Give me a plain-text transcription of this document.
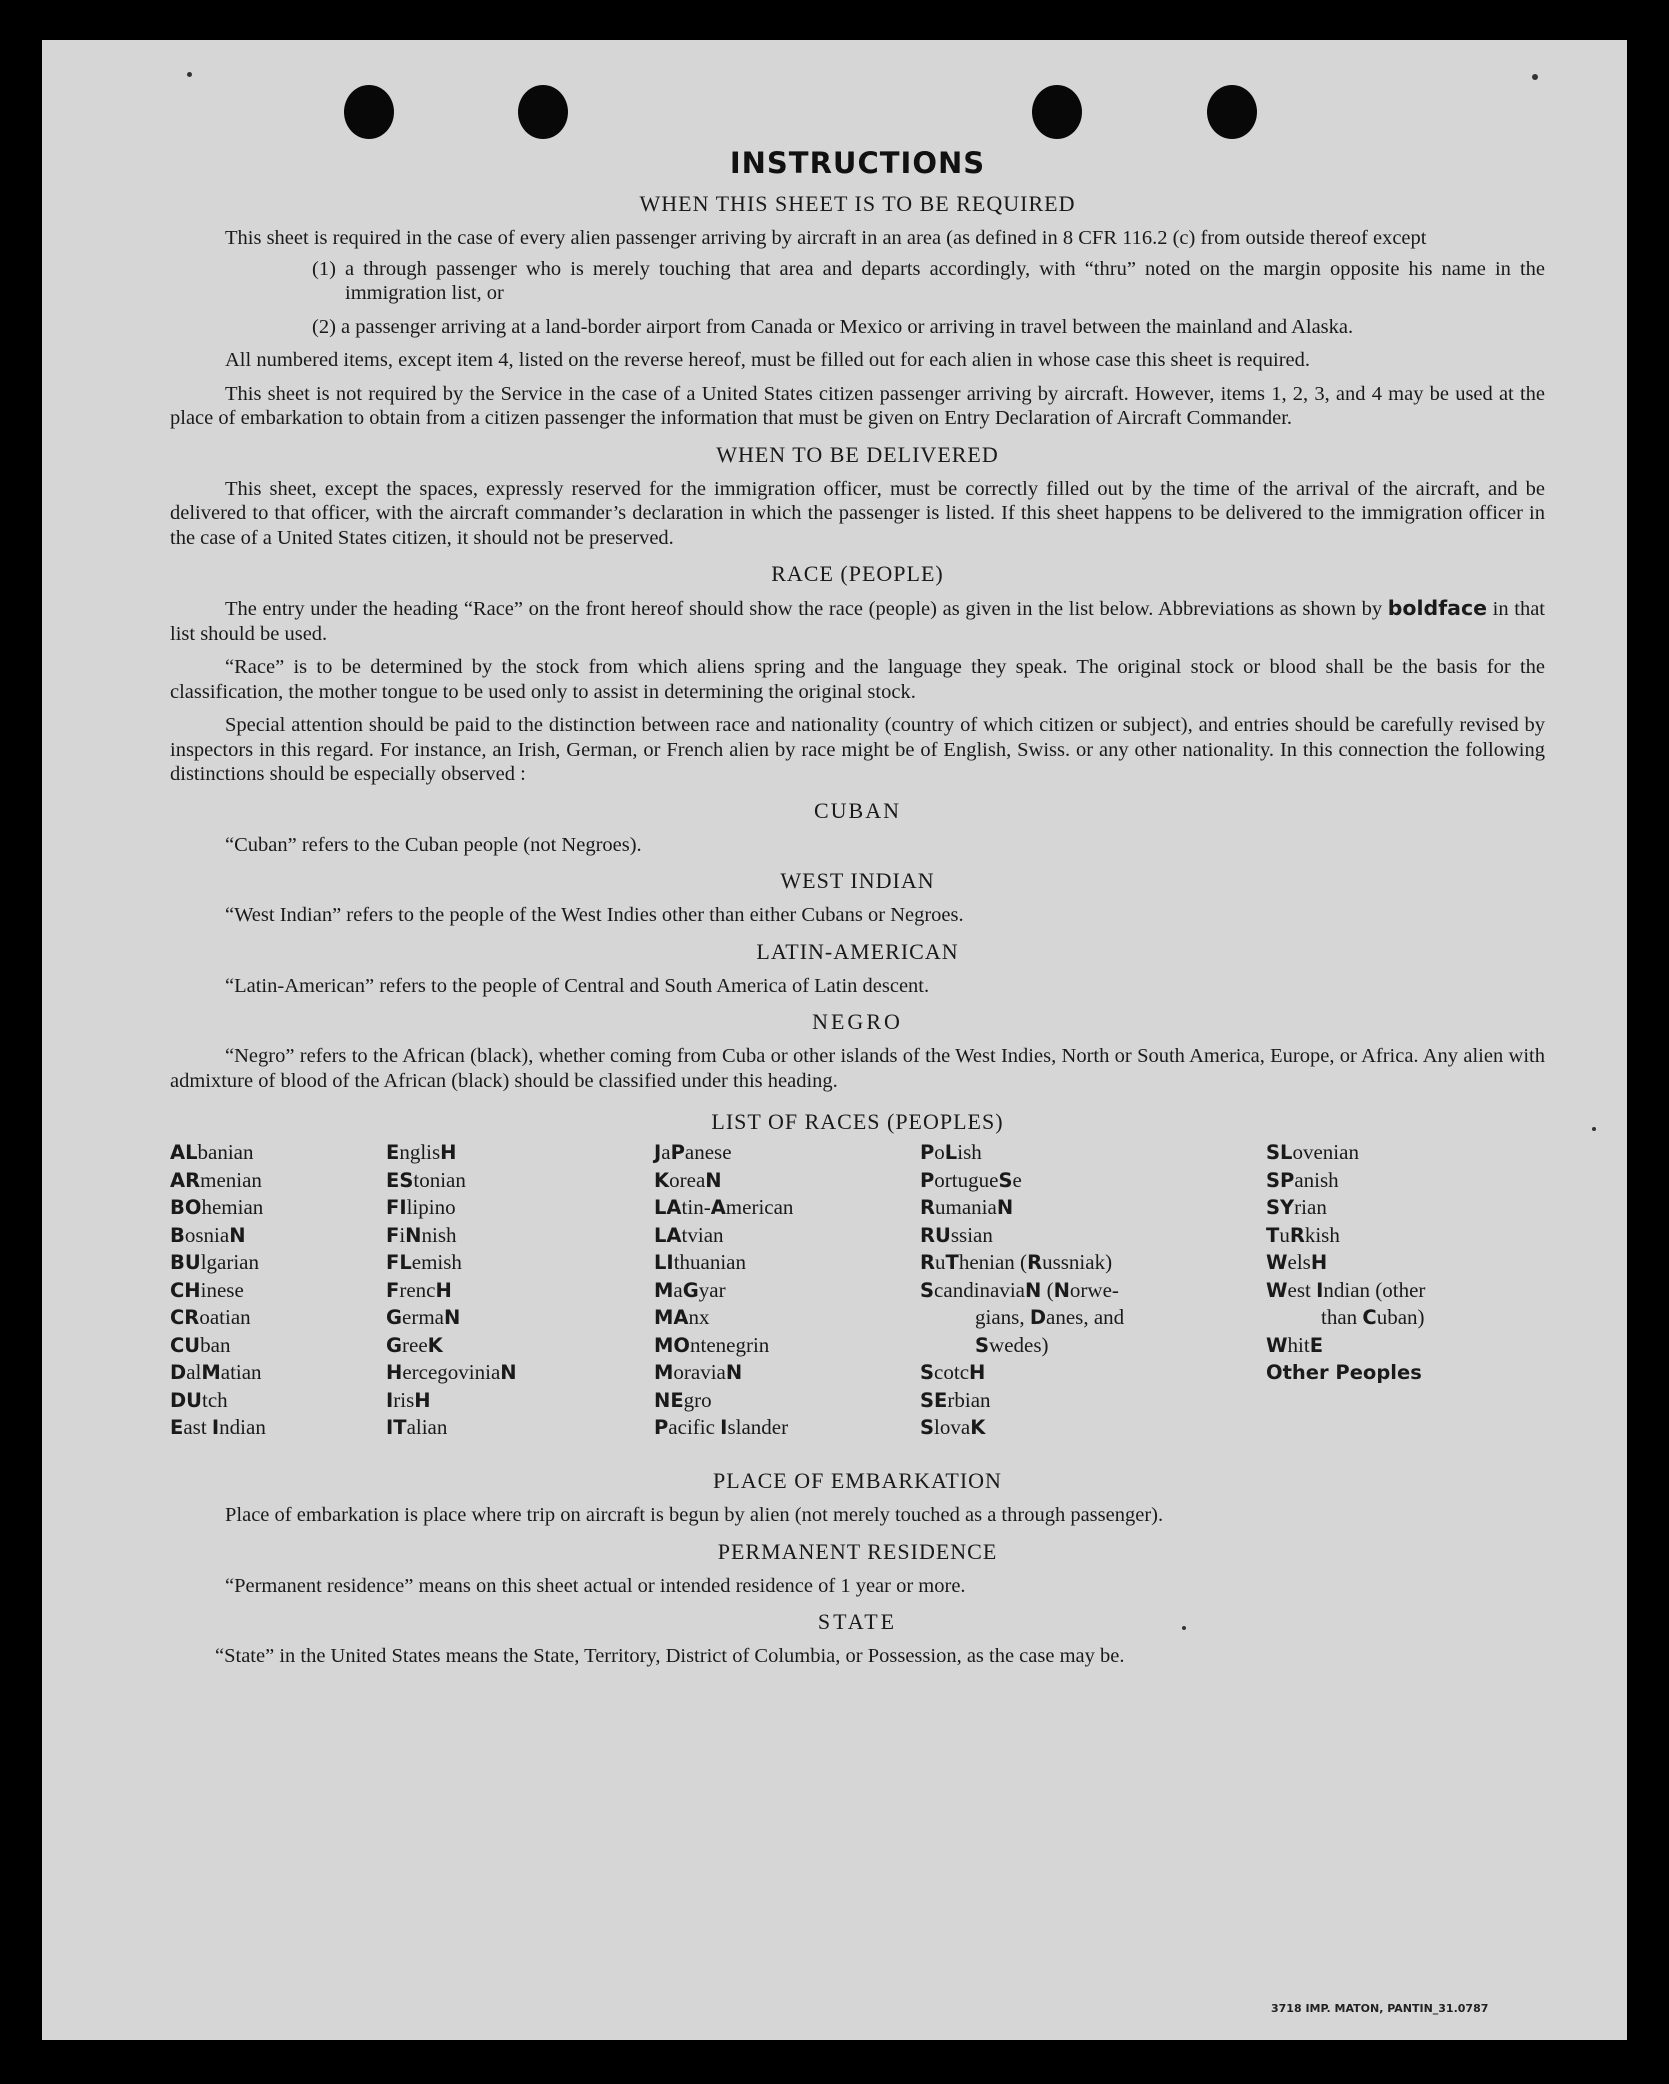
INSTRUCTIONS
WHEN THIS SHEET IS TO BE REQUIRED

This sheet is required in the case of every alien passenger arriving by aircraft in an area (as defined in 8 CFR 116.2 (c) from outside thereof except

(1) a through passenger who is merely touching that area and departs accordingly, with “thru” noted on the margin opposite his name in the immigration list, or
(2) a passenger arriving at a land-border airport from Canada or Mexico or arriving in travel between the mainland and Alaska.

All numbered items, except item 4, listed on the reverse hereof, must be filled out for each alien in whose case this sheet is required.

This sheet is not required by the Service in the case of a United States citizen passenger arriving by aircraft. However, items 1, 2, 3, and 4 may be used at the place of embarkation to obtain from a citizen passenger the information that must be given on Entry Declaration of Aircraft Commander.

WHEN TO BE DELIVERED

This sheet, except the spaces, expressly reserved for the immigration officer, must be correctly filled out by the time of the arrival of the aircraft, and be delivered to that officer, with the aircraft commander’s declaration in which the passenger is listed. If this sheet happens to be delivered to the immigration officer in the case of a United States citizen, it should not be preserved.

RACE (PEOPLE)

The entry under the heading “Race” on the front hereof should show the race (people) as given in the list below. Abbreviations as shown by boldface in that list should be used.

“Race” is to be determined by the stock from which aliens spring and the language they speak. The original stock or blood shall be the basis for the classification, the mother tongue to be used only to assist in determining the original stock.

Special attention should be paid to the distinction between race and nationality (country of which citizen or subject), and entries should be carefully revised by inspectors in this regard. For instance, an Irish, German, or French alien by race might be of English, Swiss. or any other nationality. In this connection the following distinctions should be especially observed :

CUBAN

“Cuban” refers to the Cuban people (not Negroes).

WEST INDIAN

“West Indian” refers to the people of the West Indies other than either Cubans or Negroes.

LATIN-AMERICAN

“Latin-American” refers to the people of Central and South America of Latin descent.

NEGRO

“Negro” refers to the African (black), whether coming from Cuba or other islands of the West Indies, North or South America, Europe, or Africa. Any alien with admixture of blood of the African (black) should be classified under this heading.

LIST OF RACES (PEOPLES)
ALbanian
ARmenian
BOhemian
BosniaN
BUlgarian
CHinese
CRoatian
CUban
DalMatian
DUtch
East Indian
EnglisH
EStonian
FIlipino
FiNnish
FLemish
FrencH
GermaN
GreeK
HercegoviniaN
IrisH
ITalian
JaPanese
KoreaN
LAtin-American
LAtvian
LIthuanian
MaGyar
MAnx
MOntenegrin
MoraviaN
NEgro
Pacific Islander
PoLish
PortugueSe
RumaniaN
RUssian
RuThenian (Russniak)
ScandinaviaN (Norwe-
gians, Danes, and
Swedes)
ScotcH
SErbian
SlovaK
SLovenian
SPanish
SYrian
TuRkish
WelsH
West Indian (other
than Cuban)
WhitE
Other Peoples
PLACE OF EMBARKATION

Place of embarkation is place where trip on aircraft is begun by alien (not merely touched as a through passenger).

PERMANENT RESIDENCE

“Permanent residence” means on this sheet actual or intended residence of 1 year or more.

STATE

“State” in the United States means the State, Territory, District of Columbia, or Possession, as the case may be.

3718 IMP. MATON, PANTIN_31.0787
